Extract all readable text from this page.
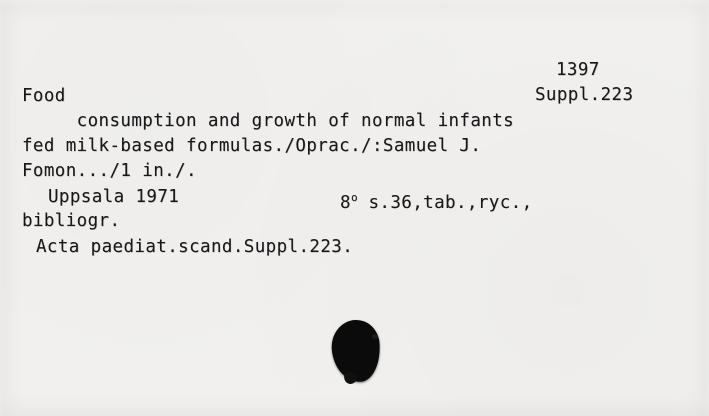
1397
Suppl.223
Food
consumption and growth of normal infants
fed milk-based formulas./Oprac./:Samuel J.
Fomon.../1 in./.
Uppsala 1971	8$^o$ s.36,tab.,ryc.,
bibliogr.
Acta paediat.scand.Suppl.223.
